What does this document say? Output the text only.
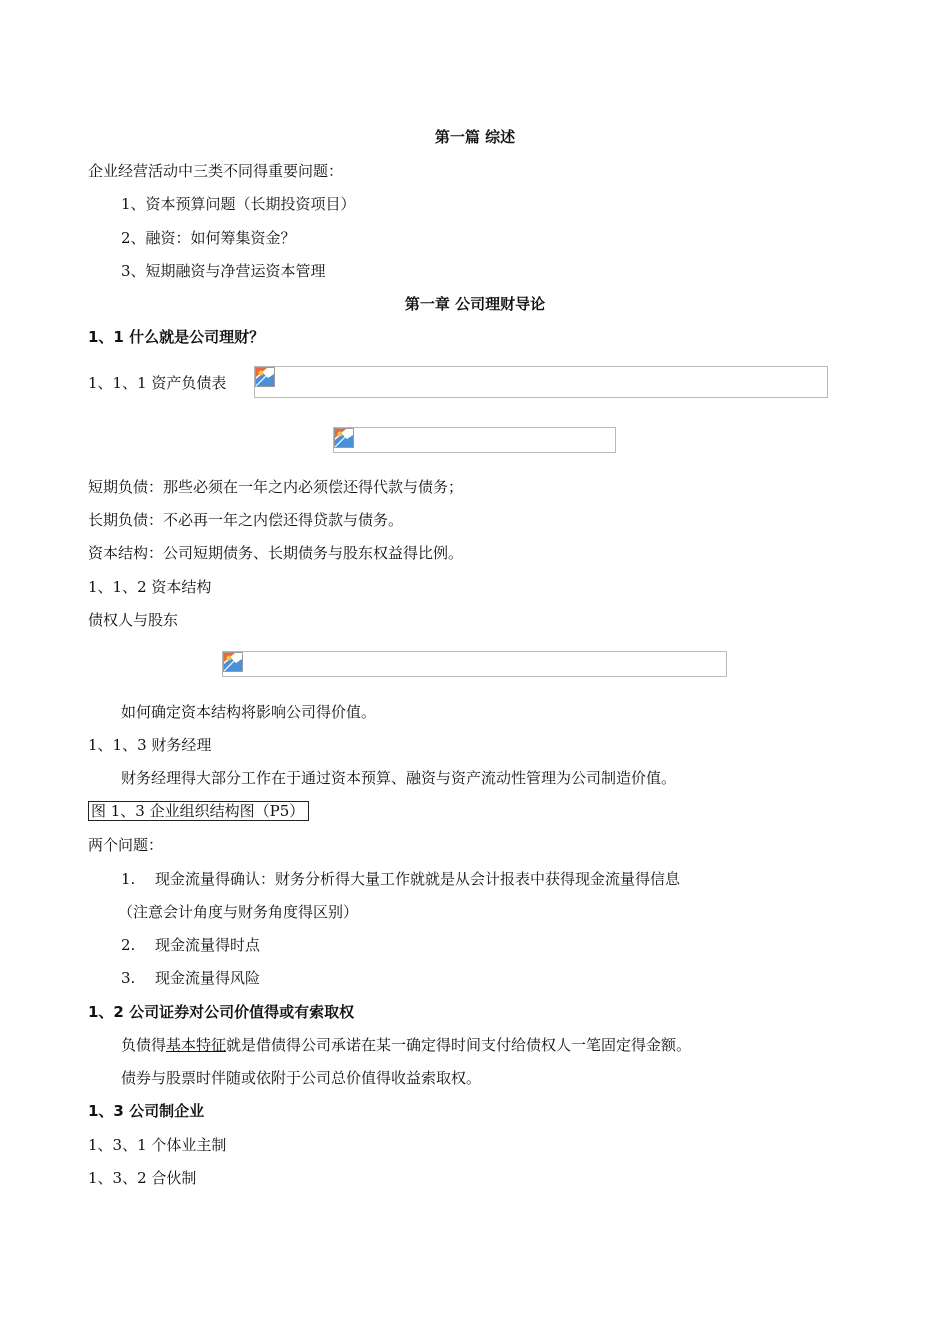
第一篇 综述
企业经营活动中三类不同得重要问题：
1、资本预算问题（长期投资项目）
2、融资：如何筹集资金？
3、短期融资与净营运资本管理
第一章 公司理财导论
1、1 什么就是公司理财？
1、1、1 资产负债表
短期负债：那些必须在一年之内必须偿还得代款与债务；
长期负债：不必再一年之内偿还得贷款与债务。
资本结构：公司短期债务、长期债务与股东权益得比例。
1、1、2 资本结构
债权人与股东
如何确定资本结构将影响公司得价值。
1、1、3 财务经理
财务经理得大部分工作在于通过资本预算、融资与资产流动性管理为公司制造价值。
图 1、3 企业组织结构图（P5）
两个问题：
1. 现金流量得确认：财务分析得大量工作就就是从会计报表中获得现金流量得信息
（注意会计角度与财务角度得区别）
2. 现金流量得时点
3. 现金流量得风险
1、2 公司证券对公司价值得或有索取权
负债得基本特征就是借债得公司承诺在某一确定得时间支付给债权人一笔固定得金额。
债券与股票时伴随或依附于公司总价值得收益索取权。
1、3 公司制企业
1、3、1 个体业主制
1、3、2 合伙制
